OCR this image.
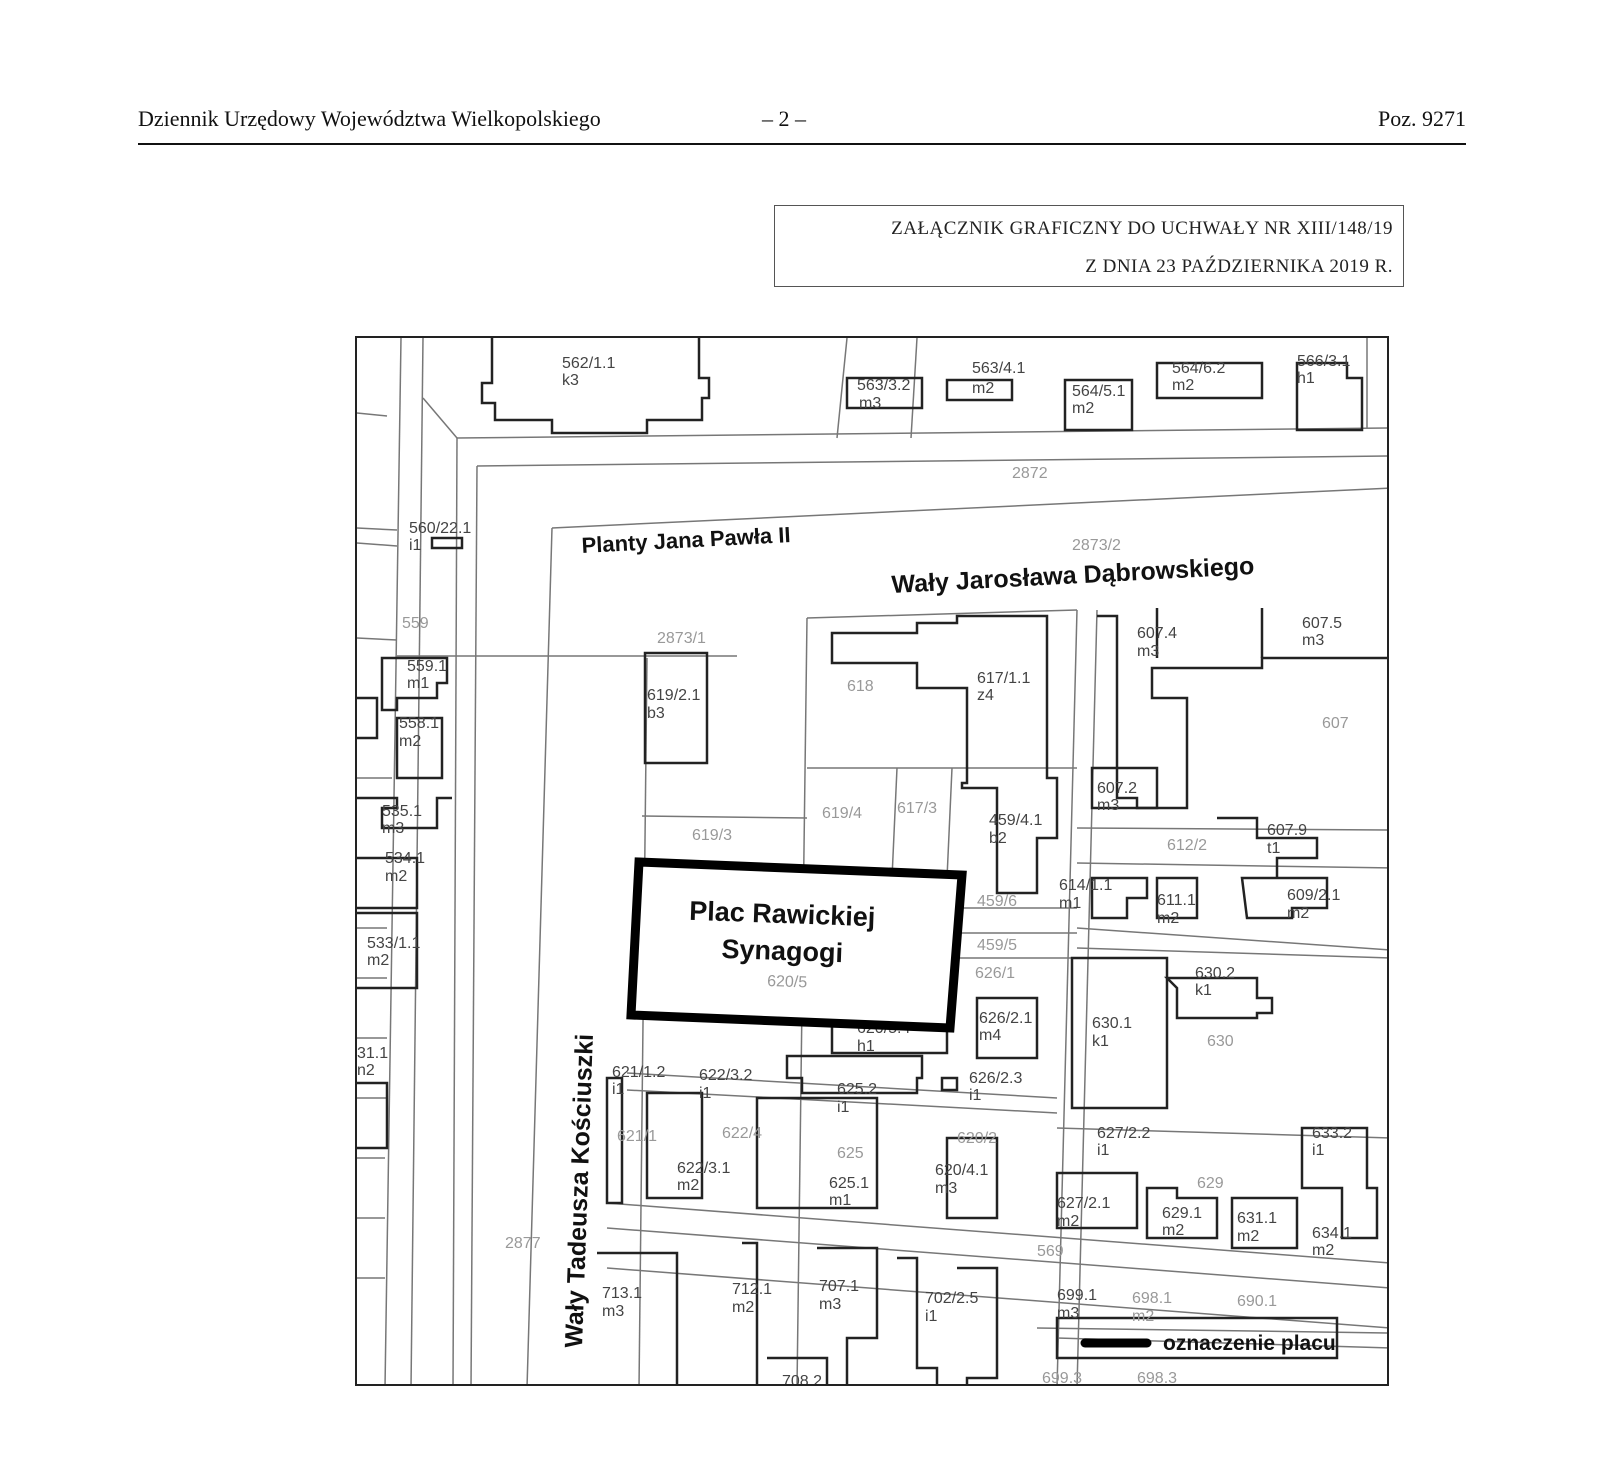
Dziennik Urzędowy Województwa Wielkopolskiego	– 2 –	Poz. 9271
ZAŁĄCZNIK GRAFICZNY DO UCHWAŁY NR XIII/148/19
Z DNIA 23 PAŹDZIERNIKA 2019 R.
562/1.1
k3	563/3.2
m3
563/4.1
m2	564/5.1
m2
564/6.2
m2
566/3.1
h1
2872
2873/2
560/22.1
i1
559
559.1
m1
558.1
m2
2873/1
619/2.1
b3
618	617/1.1
z4
607.4
m3
607.5
m3
607
607.2
m3
619/4 617/3
459/4.1
b2
619/3
612/2
607.9
t1
535.1
m3
534.1
m2
459/6
614/1.1
m1	611.1
m2
609/2.1
m2
533/1.1
m2
459/5
626/1	630.2
k1
626/2.1
m4
630.1
k1	630
h1
31.1
n2	621/1.2
i1
622/3.2
i1	625.2
i1
626/2.3
i1
621/1	622/4
625
620/2	627/2.2
i1
633.2
i1
622/3.1
m2	625.1
m1
620/4.1
m3	629
627/2.1
m2	629.1
m2
631.1
m2	634.1
m2
2877	569
713.1
m3
712.1
m2
707.1
m3	702/2.5
i1
699.1
m3
698.1
m2
690.1
699.3	698.3
708.2
Planty Jana Pawła II
Wały Jarosława Dąbrowskiego
Wały Tadeusza Kościuszki
Plac Rawickiej
Synagogi
620/5
oznaczenie placu
